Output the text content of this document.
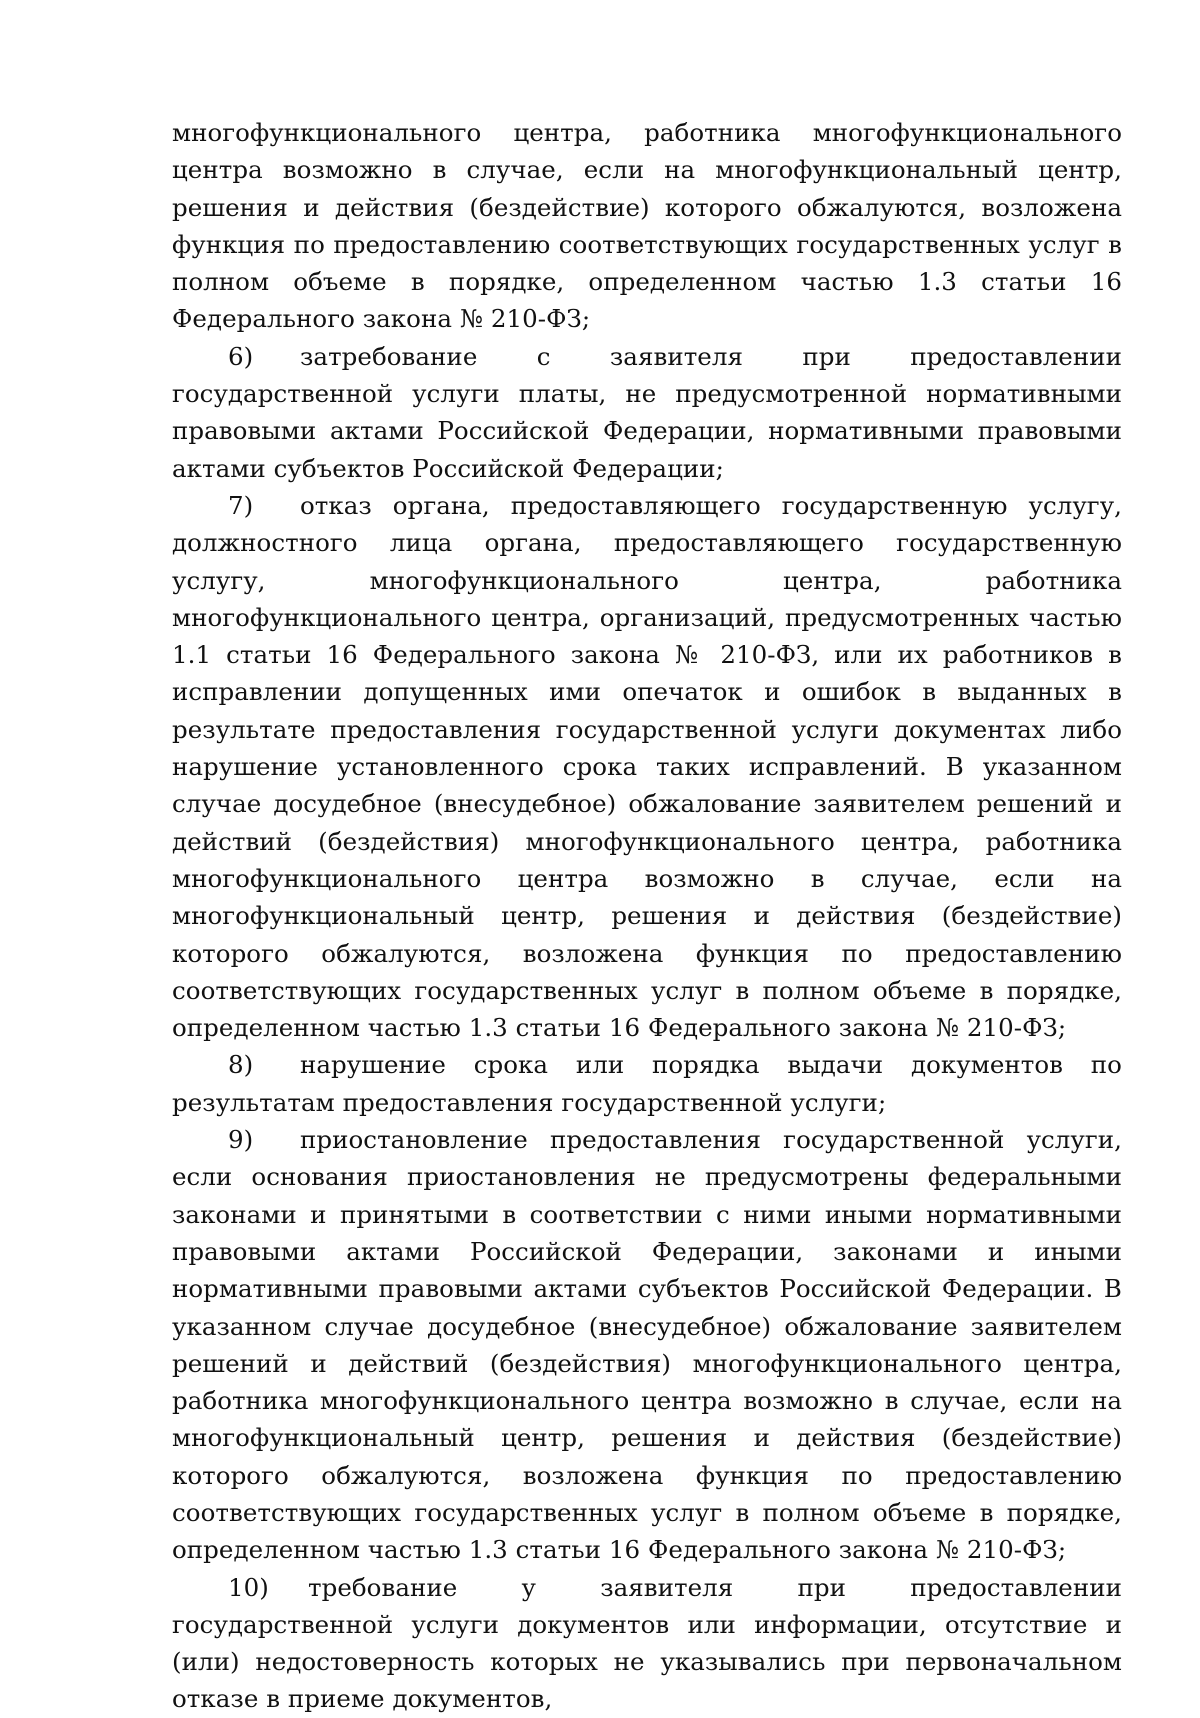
многофункционального центра, работника многофункционального центра возможно в случае, если на многофункциональный центр, решения и действия (бездействие) которого обжалуются, возложена функция по предоставлению соответствующих государственных услуг в полном объеме в порядке, определенном частью 1.3 статьи 16 Федерального закона № 210-ФЗ;

6) затребование с заявителя при предоставлении государственной услуги платы, не предусмотренной нормативными правовыми актами Российской Федерации, нормативными правовыми актами субъектов Российской Федерации;

7) отказ органа, предоставляющего государственную услугу, должностного лица органа, предоставляющего государственную услугу, многофункционального центра, работника многофункционального центра, организаций, предусмотренных частью 1.1 статьи 16 Федерального закона № 210-ФЗ, или их работников в исправлении допущенных ими опечаток и ошибок в выданных в результате предоставления государственной услуги документах либо нарушение установленного срока таких исправлений. В указанном случае досудебное (внесудебное) обжалование заявителем решений и действий (бездействия) многофункционального центра, работника многофункционального центра возможно в случае, если на многофункциональный центр, решения и действия (бездействие) которого обжалуются, возложена функция по предоставлению соответствующих государственных услуг в полном объеме в порядке, определенном частью 1.3 статьи 16 Федерального закона № 210-ФЗ;

8) нарушение срока или порядка выдачи документов по результатам предоставления государственной услуги;

9) приостановление предоставления государственной услуги, если основания приостановления не предусмотрены федеральными законами и принятыми в соответствии с ними иными нормативными правовыми актами Российской Федерации, законами и иными нормативными правовыми актами субъектов Российской Федерации. В указанном случае досудебное (внесудебное) обжалование заявителем решений и действий (бездействия) многофункционального центра, работника многофункционального центра возможно в случае, если на многофункциональный центр, решения и действия (бездействие) которого обжалуются, возложена функция по предоставлению соответствующих государственных услуг в полном объеме в порядке, определенном частью 1.3 статьи 16 Федерального закона № 210-ФЗ;

10) требование у заявителя при предоставлении государственной услуги документов или информации, отсутствие и (или) недостоверность которых не указывались при первоначальном отказе в приеме документов,
